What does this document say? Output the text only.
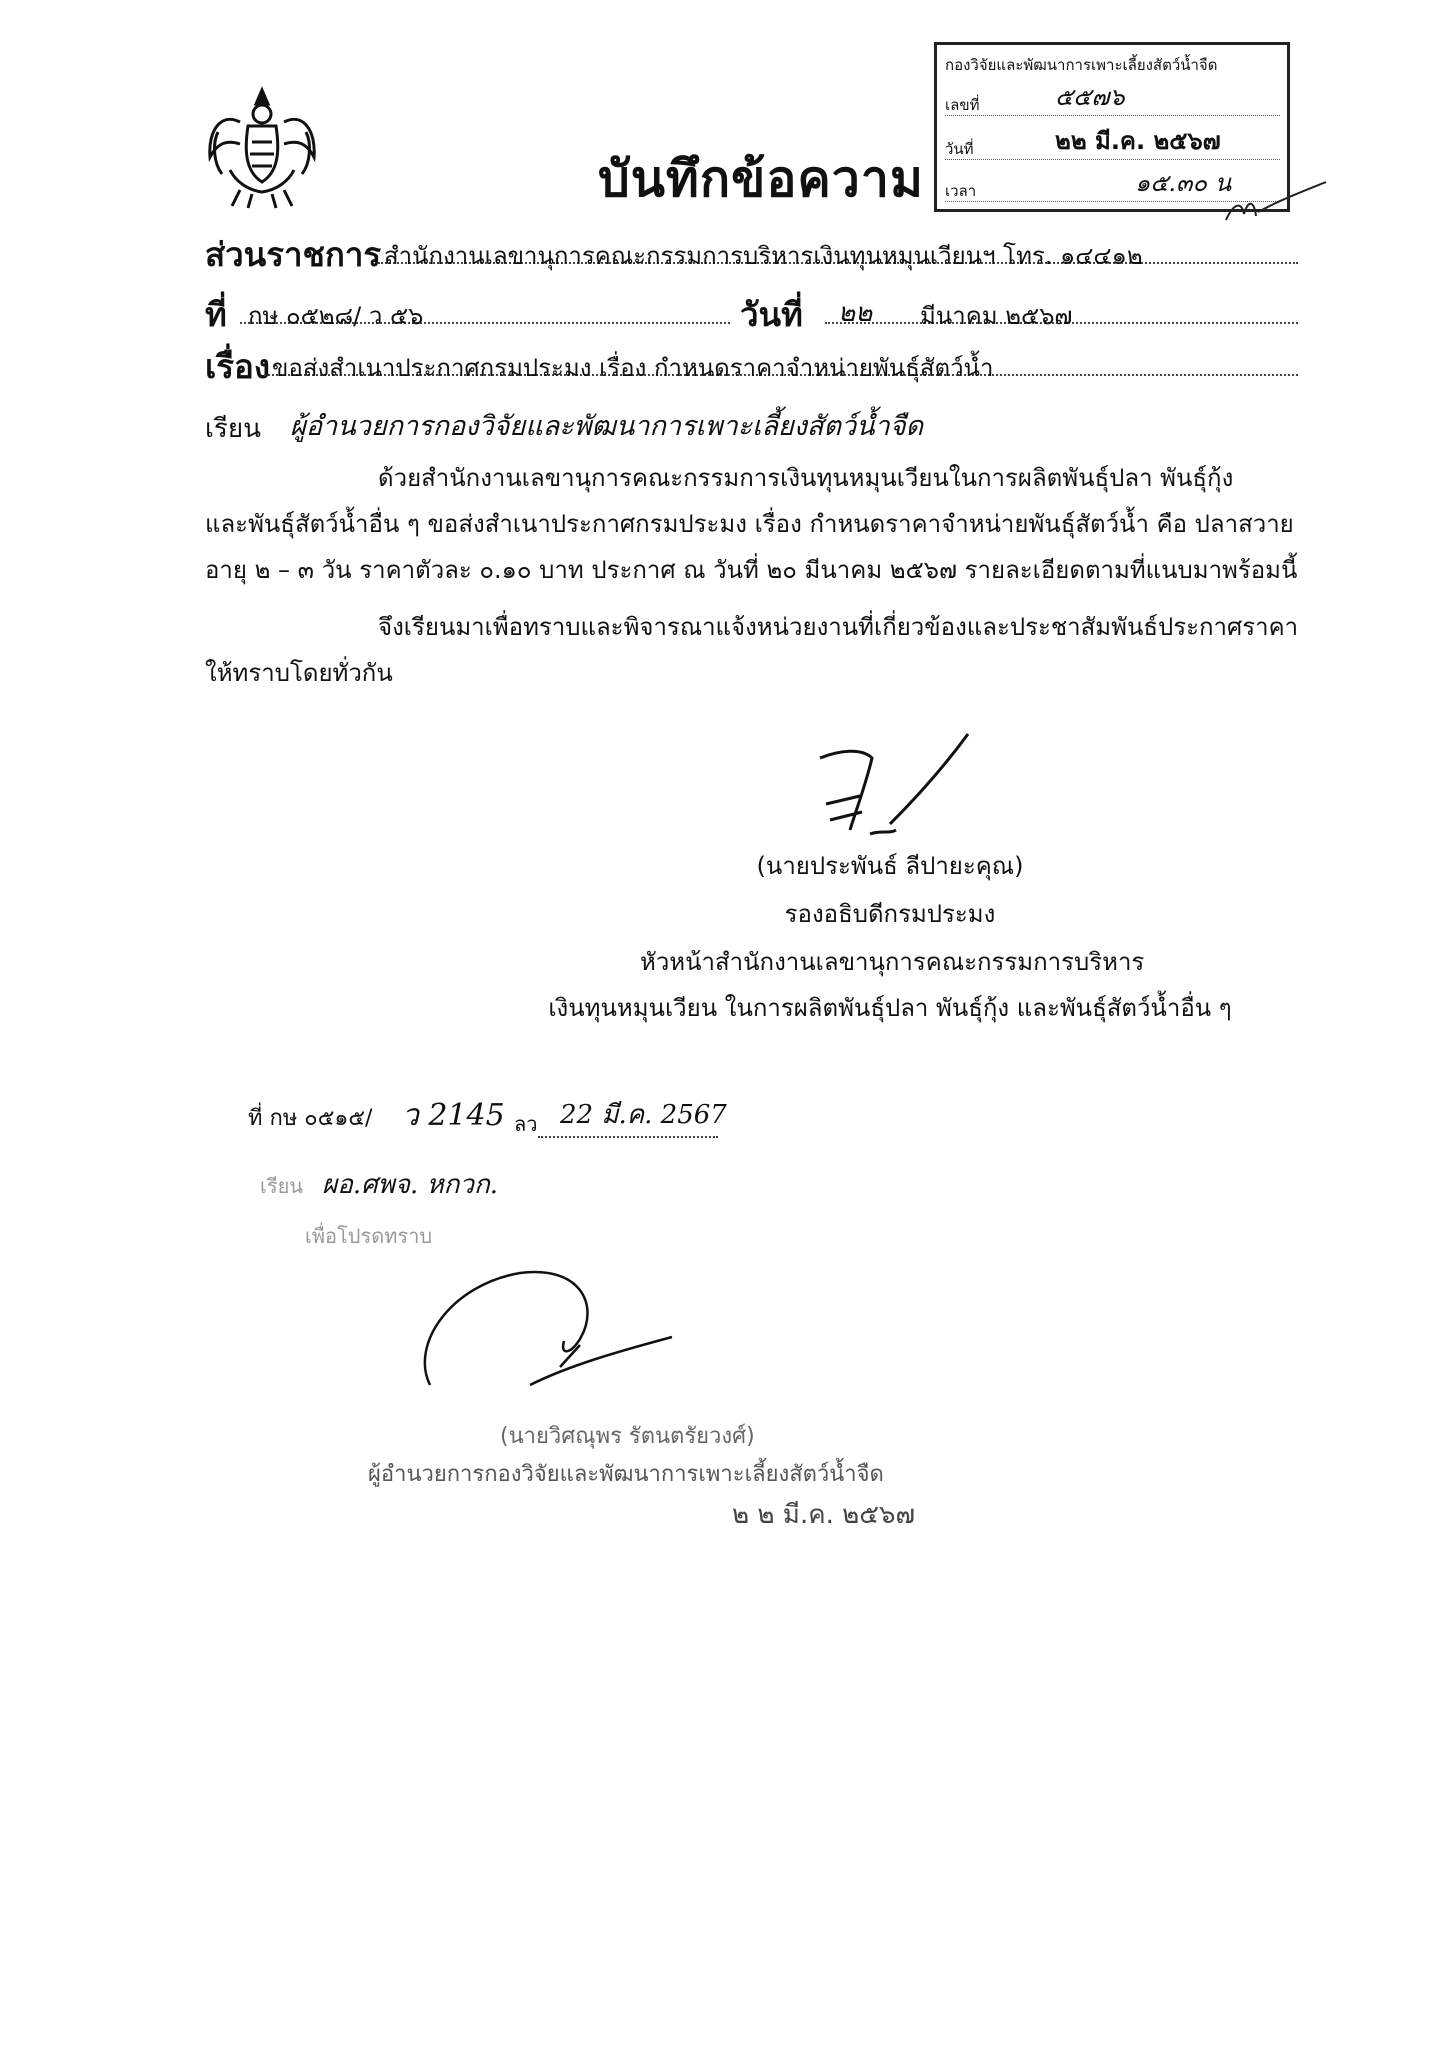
บันทึกข้อความ
กองวิจัยและพัฒนาการเพาะเลี้ยงสัตว์น้ำจืด
เลขที่	๕๕๗๖
วันที่	๒๒ มี.ค. ๒๕๖๗
เวลา	๑๕.๓๐ น
ส่วนราชการ สำนักงานเลขานุการคณะกรรมการบริหารเงินทุนหมุนเวียนฯ โทร. ๑๔๔๑๒
ที่ กษ ๐๕๒๘/ ว ๕๖	วันที่ ๒๒ มีนาคม ๒๕๖๗
เรื่อง ขอส่งสำเนาประกาศกรมประมง เรื่อง กำหนดราคาจำหน่ายพันธุ์สัตว์น้ำ
เรียน ผู้อำนวยการกองวิจัยและพัฒนาการเพาะเลี้ยงสัตว์น้ำจืด
ด้วยสำนักงานเลขานุการคณะกรรมการเงินทุนหมุนเวียนในการผลิตพันธุ์ปลา พันธุ์กุ้ง
และพันธุ์สัตว์น้ำอื่น ๆ ขอส่งสำเนาประกาศกรมประมง เรื่อง กำหนดราคาจำหน่ายพันธุ์สัตว์น้ำ คือ ปลาสวาย
อายุ ๒ – ๓ วัน ราคาตัวละ ๐.๑๐ บาท ประกาศ ณ วันที่ ๒๐ มีนาคม ๒๕๖๗ รายละเอียดตามที่แนบมาพร้อมนี้
จึงเรียนมาเพื่อทราบและพิจารณาแจ้งหน่วยงานที่เกี่ยวข้องและประชาสัมพันธ์ประกาศราคา
ให้ทราบโดยทั่วกัน
(นายประพันธ์ ลีปายะคุณ)
รองอธิบดีกรมประมง
หัวหน้าสำนักงานเลขานุการคณะกรรมการบริหาร
เงินทุนหมุนเวียน ในการผลิตพันธุ์ปลา พันธุ์กุ้ง และพันธุ์สัตว์น้ำอื่น ๆ
ที่ กษ ๐๕๑๕/ ว 2145 ลว 22 มี.ค. 2567
เรียน ผอ.ศพจ. หกวก.
เพื่อโปรดทราบ
(นายวิศณุพร รัตนตรัยวงศ์)
ผู้อำนวยการกองวิจัยและพัฒนาการเพาะเลี้ยงสัตว์น้ำจืด
๒ ๒ มี.ค. ๒๕๖๗
